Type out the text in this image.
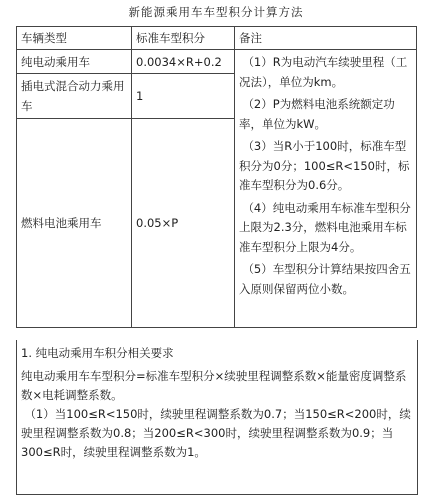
新能源乘用车车型积分计算方法
车辆类型	标准车型积分	备注
纯电动乘用车	0.0034×R+0.2	（1）R为电动汽车续驶里程（工况法），单位为km。

（2）P为燃料电池系统额定功率，单位为kW。

（3）当R小于100时，标准车型积分为0分；100≤R<150时，标准车型积分为0.6分。

（4）纯电动乘用车标准车型积分上限为2.3分，燃料电池乘用车标准车型积分上限为4分。

（5）车型积分计算结果按四舍五入原则保留两位小数。

插电式混合动力乘用车	1	
燃料电池乘用车	0.05×P	

1. 纯电动乘用车积分相关要求

纯电动乘用车车型积分=标准车型积分×续驶里程调整系数×能量密度调整系数×电耗调整系数。

（1）当100≤R<150时，续驶里程调整系数为0.7；当150≤R<200时，续驶里程调整系数为0.8；当200≤R<300时，续驶里程调整系数为0.9；当300≤R时，续驶里程调整系数为1。
